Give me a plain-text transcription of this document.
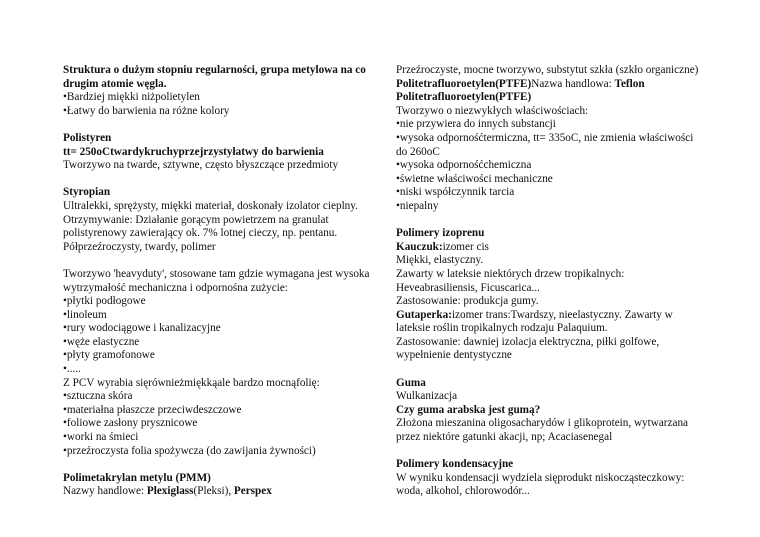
Struktura o dużym stopniu regularności, grupa metylowa na co
drugim atomie węgla.
•Bardziej miękki niżpolietylen
•Łatwy do barwienia na różne kolory
Polistyren
tt= 250oCtwardykruchyprzejrzystyłatwy do barwienia
Tworzywo na twarde, sztywne, często błyszczące przedmioty
Styropian
Ultralekki, sprężysty, miękki materiał, doskonały izolator cieplny.
Otrzymywanie: Działanie gorącym powietrzem na granulat
polistyrenowy zawierający ok. 7% lotnej cieczy, np. pentanu.
Półprzeźroczysty, twardy, polimer
Tworzywo 'heavyduty', stosowane tam gdzie wymagana jest wysoka
wytrzymałość mechaniczna i odpornośna zużycie:
•płytki podłogowe
•linoleum
•rury wodociągowe i kanalizacyjne
•węże elastyczne
•płyty gramofonowe
•.....
Z PCV wyrabia sięrównieżmiękkąale bardzo mocnąfolię:
•sztuczna skóra
•materiałna płaszcze przeciwdeszczowe
•foliowe zasłony prysznicowe
•worki na śmieci
•przeźroczysta folia spożywcza (do zawijania żywności)
Polimetakrylan metylu (PMM)
Nazwy handlowe: Plexiglass(Pleksi), Perspex
Przeźroczyste, mocne tworzywo, substytut szkła (szkło organiczne)
Politetrafluoroetylen(PTFE)Nazwa handlowa: Teflon
Politetrafluoroetylen(PTFE)
Tworzywo o niezwykłych właściwościach:
•nie przywiera do innych substancji
•wysoka odpornośćtermiczna, tt= 335oC, nie zmienia właściwości
do 260oC
•wysoka odpornośćchemiczna
•świetne właściwości mechaniczne
•niski współczynnik tarcia
•niepalny
Polimery izoprenu
Kauczuk:izomer cis
Miękki, elastyczny.
Zawarty w lateksie niektórych drzew tropikalnych:
Heveabrasiliensis, Ficuscarica...
Zastosowanie: produkcja gumy.
Gutaperka:izomer trans:Twardszy, nieelastyczny. Zawarty w
lateksie roślin tropikalnych rodzaju Palaquium.
Zastosowanie: dawniej izolacja elektryczna, piłki golfowe,
wypełnienie dentystyczne
Guma
Wulkanizacja
Czy guma arabska jest gumą?
Złożona mieszanina oligosacharydów i glikoprotein, wytwarzana
przez niektóre gatunki akacji, np; Acaciasenegal
Polimery kondensacyjne
W wyniku kondensacji wydziela sięprodukt niskocząsteczkowy:
woda, alkohol, chlorowodór...
